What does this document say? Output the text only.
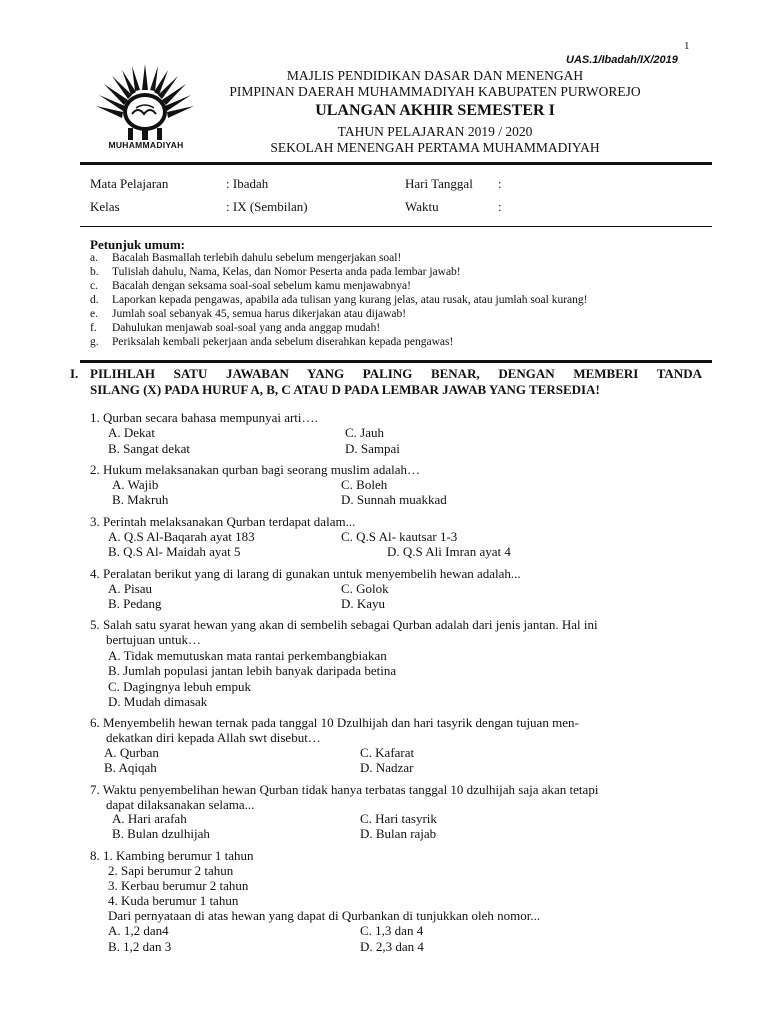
1
UAS.1/Ibadah/IX/2019
MUHAMMADIYAH
MAJLIS PENDIDIKAN DASAR DAN MENENGAH
PIMPINAN DAERAH MUHAMMADIYAH KABUPATEN PURWOREJO
ULANGAN AKHIR SEMESTER I
TAHUN PELAJARAN 2019 / 2020
SEKOLAH MENENGAH PERTAMA MUHAMMADIYAH
Mata Pelajaran	: Ibadah	Hari Tanggal :
Kelas	: IX (Sembilan)	Waktu	:
Petunjuk umum:
a. Bacalah Basmallah terlebih dahulu sebelum mengerjakan soal!
b. Tulislah dahulu, Nama, Kelas, dan Nomor Peserta anda pada lembar jawab!
c. Bacalah dengan seksama soal-soal sebelum kamu menjawabnya!
d. Laporkan kepada pengawas, apabila ada tulisan yang kurang jelas, atau rusak, atau jumlah soal kurang!
e. Jumlah soal sebanyak 45, semua harus dikerjakan atau dijawab!
f. Dahulukan menjawab soal-soal yang anda anggap mudah!
g. Periksalah kembali pekerjaan anda sebelum diserahkan kepada pengawas!
I. PILIHLAH SATU JAWABAN YANG PALING BENAR, DENGAN MEMBERI TANDA
SILANG (X) PADA HURUF A, B, C ATAU D PADA LEMBAR JAWAB YANG TERSEDIA!
1. Qurban secara bahasa mempunyai arti….
A. Dekat
B. Sangat dekat
C. Jauh
D. Sampai
2. Hukum melaksanakan qurban bagi seorang muslim adalah…
A. Wajib
B. Makruh
C. Boleh
D. Sunnah muakkad
3. Perintah melaksanakan Qurban terdapat dalam...
A. Q.S Al-Baqarah ayat 183
B. Q.S Al- Maidah ayat 5
C. Q.S Al- kautsar 1-3
D. Q.S Ali Imran ayat 4
4. Peralatan berikut yang di larang di gunakan untuk menyembelih hewan adalah...
A. Pisau
B. Pedang
C. Golok
D. Kayu
5. Salah satu syarat hewan yang akan di sembelih sebagai Qurban adalah dari jenis jantan. Hal ini
bertujuan untuk…
A. Tidak memutuskan mata rantai perkembangbiakan
B. Jumlah populasi jantan lebih banyak daripada betina
C. Dagingnya lebuh empuk
D. Mudah dimasak
6. Menyembelih hewan ternak pada tanggal 10 Dzulhijah dan hari tasyrik dengan tujuan men-
dekatkan diri kepada Allah swt disebut…
A. Qurban
B. Aqiqah
C. Kafarat
D. Nadzar
7. Waktu penyembelihan hewan Qurban tidak hanya terbatas tanggal 10 dzulhijah saja akan tetapi
dapat dilaksanakan selama...
A. Hari arafah
B. Bulan dzulhijah
C. Hari tasyrik
D. Bulan rajab
8. 1. Kambing berumur 1 tahun
2. Sapi berumur 2 tahun
3. Kerbau berumur 2 tahun
4. Kuda berumur 1 tahun
Dari pernyataan di atas hewan yang dapat di Qurbankan di tunjukkan oleh nomor...
A. 1,2 dan4
B. 1,2 dan 3
C. 1,3 dan 4
D. 2,3 dan 4
